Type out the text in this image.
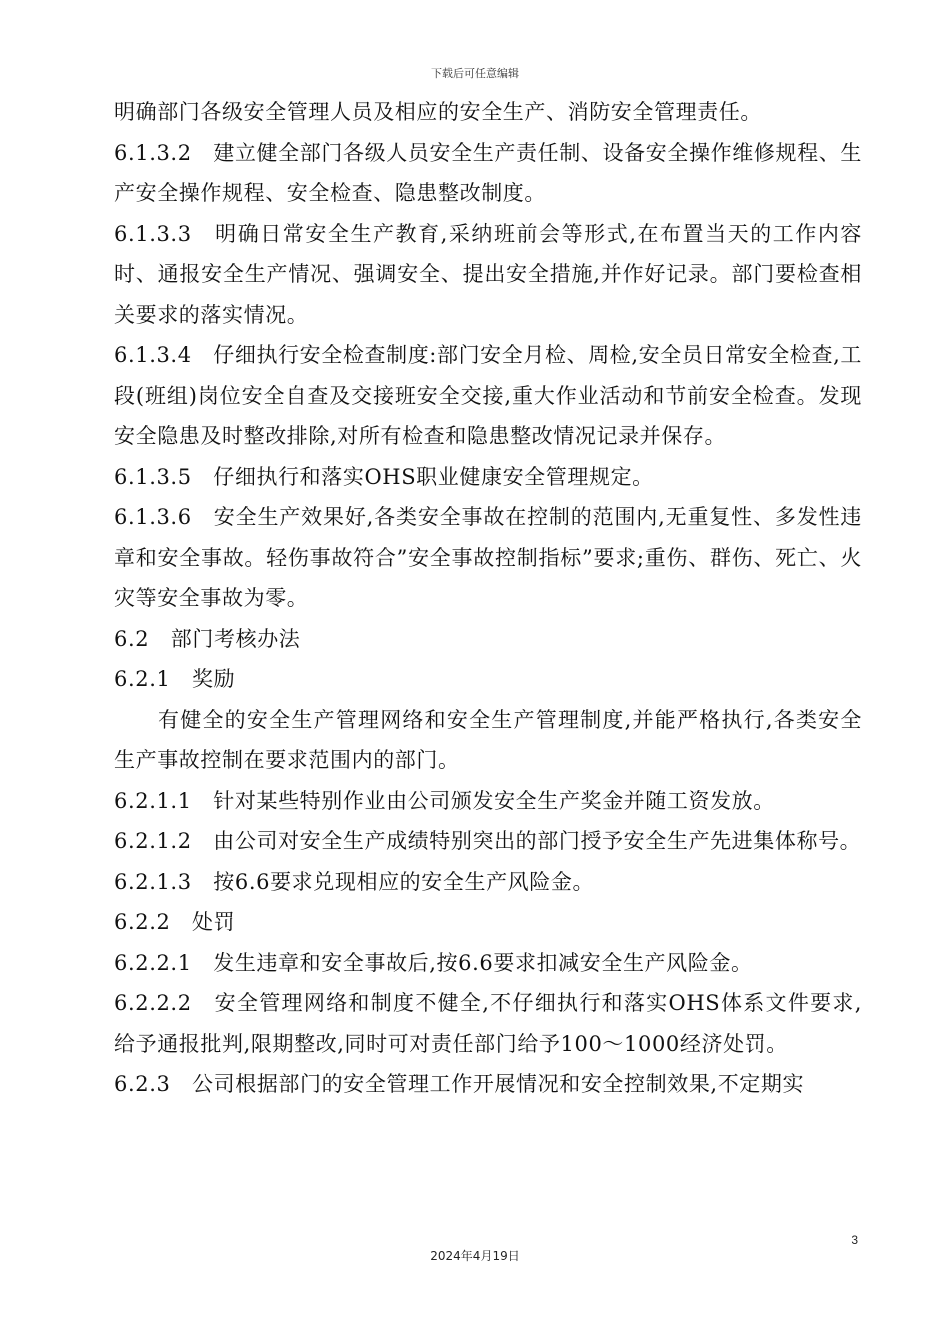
下载后可任意编辑

明确部门各级安全管理人员及相应的安全生产、消防安全管理责任。

6.1.3.2　建立健全部门各级人员安全生产责任制、设备安全操作维修规程、生产安全操作规程、安全检查、隐患整改制度。

6.1.3.3　明确日常安全生产教育,采纳班前会等形式,在布置当天的工作内容时、通报安全生产情况、强调安全、提出安全措施,并作好记录。部门要检查相关要求的落实情况。

6.1.3.4　仔细执行安全检查制度:部门安全月检、周检,安全员日常安全检查,工段(班组)岗位安全自查及交接班安全交接,重大作业活动和节前安全检查。发现安全隐患及时整改排除,对所有检查和隐患整改情况记录并保存。

6.1.3.5　仔细执行和落实OHS职业健康安全管理规定。

6.1.3.6　安全生产效果好,各类安全事故在控制的范围内,无重复性、多发性违章和安全事故。轻伤事故符合”安全事故控制指标”要求;重伤、群伤、死亡、火灾等安全事故为零。

6.2　部门考核办法

6.2.1　奖励

有健全的安全生产管理网络和安全生产管理制度,并能严格执行,各类安全生产事故控制在要求范围内的部门。

6.2.1.1　针对某些特别作业由公司颁发安全生产奖金并随工资发放。

6.2.1.2　由公司对安全生产成绩特别突出的部门授予安全生产先进集体称号。

6.2.1.3　按6.6要求兑现相应的安全生产风险金。

6.2.2　处罚

6.2.2.1　发生违章和安全事故后,按6.6要求扣减安全生产风险金。

6.2.2.2　安全管理网络和制度不健全,不仔细执行和落实OHS体系文件要求,给予通报批判,限期整改,同时可对责任部门给予100～1000经济处罚。

6.2.3　公司根据部门的安全管理工作开展情况和安全控制效果,不定期实

3
2024年4月19日
